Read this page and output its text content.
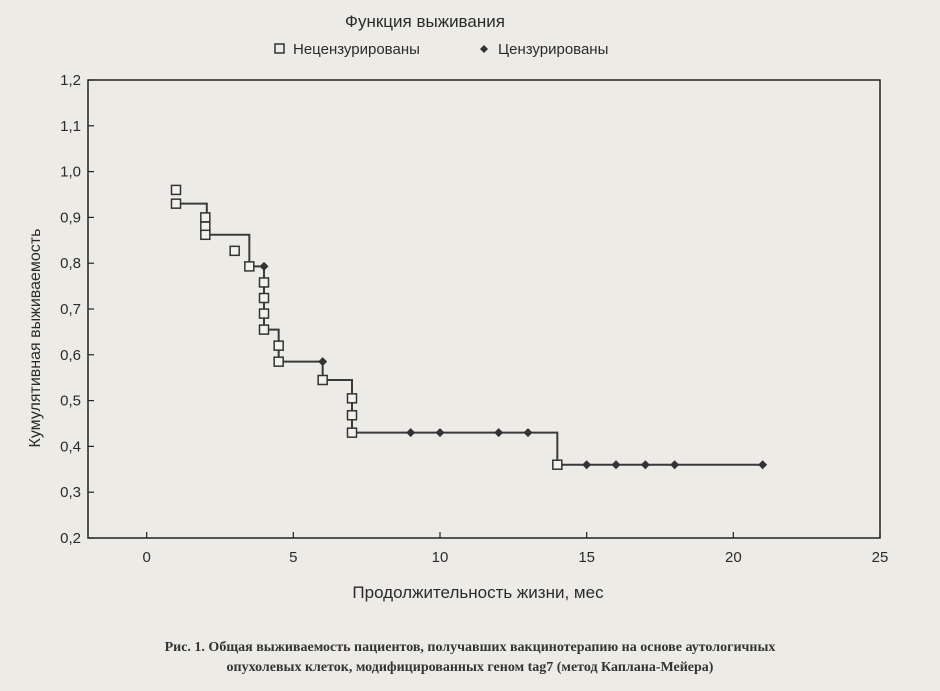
Функция выживания
Нецензурированы	Цензурированы
0,2
0,3
0,4
0,5
0,6
0,7
0,8
0,9
1,0
1,1
1,2
0	5	10	15	20	25
Кумулятивная выживаемость
Продолжительность жизни, мес
Рис. 1. Общая выживаемость пациентов, получавших вакцинотерапию на основе аутологичных
опухолевых клеток, модифицированных геном tag7 (метод Каплана-Мейера)
